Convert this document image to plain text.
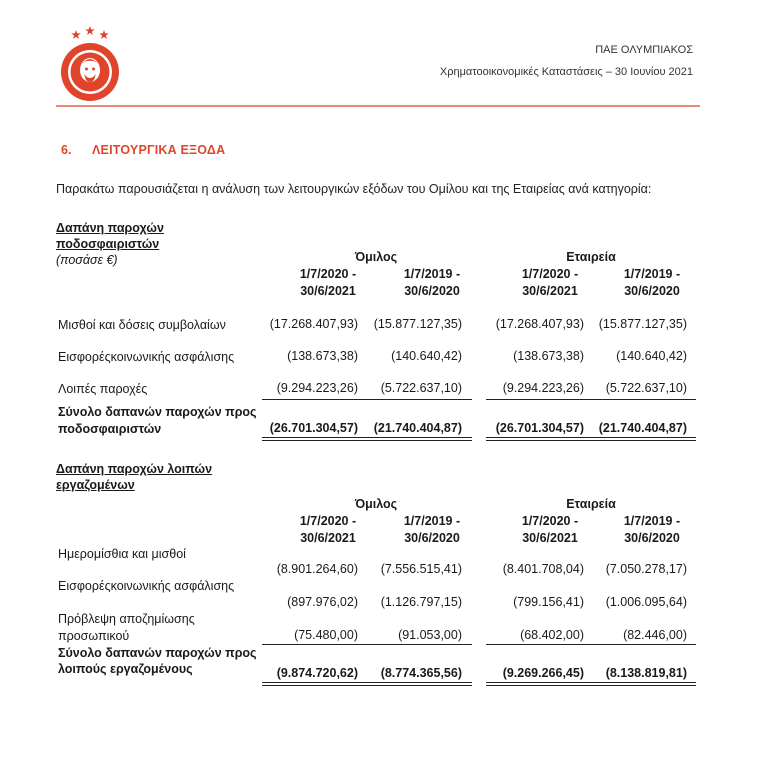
ΠΑΕ ΟΛΥΜΠΙΑΚΟΣ
Χρηματοοικονομικές Καταστάσεις – 30 Ιουνίου 2021
6. ΛΕΙΤΟΥΡΓΙΚΑ ΕΞΟΔΑ
Παρακάτω παρουσιάζεται η ανάλυση των λειτουργικών εξόδων του Ομίλου και της Εταιρείας ανά κατηγορία:
Δαπάνη παροχών
ποδοσφαιριστών
(ποσάσε €)	Όμιλος	Εταιρεία
1/7/2020 -
30/6/2021
1/7/2019 -
30/6/2020
1/7/2020 -
30/6/2021
1/7/2019 -
30/6/2020
Μισθοί και δόσεις συμβολαίων	(17.268.407,93)	(15.877.127,35)	(17.268.407,93)	(15.877.127,35)
Εισφορέςκοινωνικής ασφάλισης	(138.673,38)	(140.640,42)	(138.673,38)	(140.640,42)
Λοιπές παροχές	(9.294.223,26)	(5.722.637,10)	(9.294.223,26)	(5.722.637,10)
Σύνολο δαπανών παροχών προς
ποδοσφαιριστών	(26.701.304,57)	(21.740.404,87)	(26.701.304,57)	(21.740.404,87)
Δαπάνη παροχών λοιπών
εργαζομένων
Όμιλος	Εταιρεία
1/7/2020 -
30/6/2021
1/7/2019 -
30/6/2020
1/7/2020 -
30/6/2021
1/7/2019 -
30/6/2020
Ημερομίσθια και μισθοί
(8.901.264,60)	(7.556.515,41)	(8.401.708,04)	(7.050.278,17)
Εισφορέςκοινωνικής ασφάλισης
(897.976,02)	(1.126.797,15)	(799.156,41)	(1.006.095,64)
Πρόβλεψη αποζημίωσης
προσωπικού	(75.480,00)	(91.053,00)	(68.402,00)	(82.446,00)
Σύνολο δαπανών παροχών προς
λοιπούς εργαζομένους	(9.874.720,62)	(8.774.365,56)	(9.269.266,45)	(8.138.819,81)
